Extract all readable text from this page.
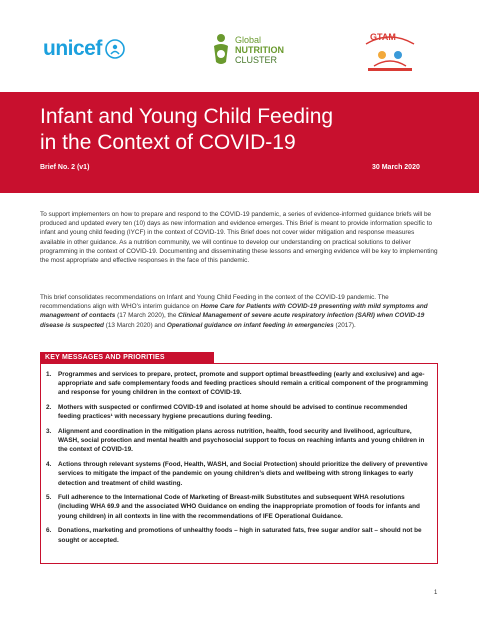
unicef	Global
NUTRITION
CLUSTER
GTAM
Infant and Young Child Feeding
in the Context of COVID-19
Brief No. 2 (v1)	30 March 2020
To support implementers on how to prepare and respond to the COVID-19 pandemic, a series of evidence-informed guidance briefs will be produced and updated every ten (10) days as new information and evidence emerges. This Brief is meant to provide information specific to infant and young child feeding (IYCF) in the context of COVID-19. This Brief does not cover wider mitigation and response measures available in other guidance. As a nutrition community, we will continue to develop our understanding on practical solutions to deliver programming in the context of COVID-19. Documenting and disseminating these lessons and emerging evidence will be key to implementing the most appropriate and effective responses in the face of this pandemic.
This brief consolidates recommendations on Infant and Young Child Feeding in the context of the COVID-19 pandemic. The recommendations align with WHO’s interim guidance on Home Care for Patients with COVID-19 presenting with mild symptoms and management of contacts (17 March 2020), the Clinical Management of severe acute respiratory infection (SARI) when COVID-19 disease is suspected (13 March 2020) and Operational guidance on infant feeding in emergencies (2017).
KEY MESSAGES AND PRIORITIES
1.	Programmes and services to prepare, protect, promote and support optimal breastfeeding (early and exclusive) and age-appropriate and safe complementary foods and feeding practices should remain a critical component of the programming and response for young children in the context of COVID-19.
2.	Mothers with suspected or confirmed COVID-19 and isolated at home should be advised to continue recommended feeding practices¹ with necessary hygiene precautions during feeding.
3.	Alignment and coordination in the mitigation plans across nutrition, health, food security and livelihood, agriculture, WASH, social protection and mental health and psychosocial support to focus on reaching infants and young children in the context of COVID-19.
4.	Actions through relevant systems (Food, Health, WASH, and Social Protection) should prioritize the delivery of preventive services to mitigate the impact of the pandemic on young children’s diets and wellbeing with strong linkages to early detection and treatment of child wasting.
5.	Full adherence to the International Code of Marketing of Breast-milk Substitutes and subsequent WHA resolutions (including WHA 69.9 and the associated WHO Guidance on ending the inappropriate promotion of foods for infants and young children) in all contexts in line with the recommendations of IFE Operational Guidance.
6.	Donations, marketing and promotions of unhealthy foods – high in saturated fats, free sugar and/or salt – should not be sought or accepted.
1
